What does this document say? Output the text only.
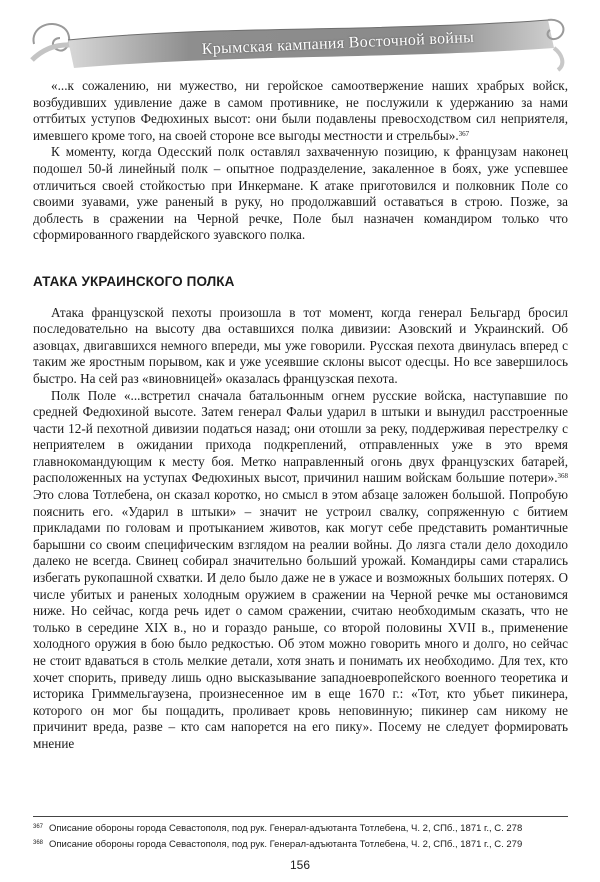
Крымская кампания Восточной войны

«...к сожалению, ни мужество, ни геройское самоотвержение наших храбрых войск, возбудивших удивление даже в самом противнике, не послужили к удержанию за нами оттбитых уступов Федюхиных высот: они были подавлены превосходством сил неприятеля, имевшего кроме того, на своей стороне все выгоды местности и стрельбы».$^{367}$

К моменту, когда Одесский полк оставлял захваченную позицию, к французам наконец подошел 50-й линейный полк – опытное подразделение, закаленное в боях, уже успевшее отличиться своей стойкостью при Инкермане. К атаке приготовился и полковник Поле со своими зуавами, уже раненый в руку, но продолжавший оставаться в строю. Позже, за доблесть в сражении на Черной речке, Поле был назначен командиром только что сформированного гвардейского зуавского полка.

АТАКА УКРАИНСКОГО ПОЛКА

Атака французской пехоты произошла в тот момент, когда генерал Бельгард бросил последовательно на высоту два оставшихся полка дивизии: Азовский и Украинский. Об азовцах, двигавшихся немного впереди, мы уже говорили. Русская пехота двинулась вперед с таким же яростным порывом, как и уже усеявшие склоны высот одесцы. Но все завершилось быстро. На сей раз «виновницей» оказалась французская пехота.

Полк Поле «...встретил сначала батальонным огнем русские войска, наступавшие по средней Федюхиной высоте. Затем генерал Фальи ударил в штыки и вынудил расстроенные части 12-й пехотной дивизии податься назад; они отошли за реку, поддерживая перестрелку с неприятелем в ожидании прихода подкреплений, отправленных уже в это время главнокомандующим к месту боя. Метко направленный огонь двух французских батарей, расположенных на уступах Федюхиных высот, причинил нашим войскам большие потери».$^{368}$ Это слова Тотлебена, он сказал коротко, но смысл в этом абзаце заложен большой. Попробую пояснить его. «Ударил в штыки» – значит не устроил свалку, сопряженную с битием прикладами по головам и протыканием животов, как могут себе представить романтичные барышни со своим специфическим взглядом на реалии войны. До лязга стали дело доходило далеко не всегда. Свинец собирал значительно больший урожай. Командиры сами старались избегать рукопашной схватки. И дело было даже не в ужасе и возможных больших потерях. О числе убитых и раненых холодным оружием в сражении на Черной речке мы остановимся ниже. Но сейчас, когда речь идет о самом сражении, считаю необходимым сказать, что не только в середине XIX в., но и гораздо раньше, со второй половины XVII в., применение холодного оружия в бою было редкостью. Об этом можно говорить много и долго, но сейчас не стоит вдаваться в столь мелкие детали, хотя знать и понимать их необходимо. Для тех, кто хочет спорить, приведу лишь одно высказывание западноевропейского военного теоретика и историка Гриммельгаузена, произнесенное им в еще 1670 г.: «Тот, кто убьет пикинера, которого он мог бы пощадить, проливает кровь неповинную; пикинер сам никому не причинит вреда, разве – кто сам напорется на его пику». Посему не следует формировать мнение

$^{367}$ Описание обороны города Севастополя, под рук. Генерал-адъютанта Тотлебена, Ч. 2, СПб., 1871 г., С. 278
$^{368}$ Описание обороны города Севастополя, под рук. Генерал-адъютанта Тотлебена, Ч. 2, СПб., 1871 г., С. 279
156
